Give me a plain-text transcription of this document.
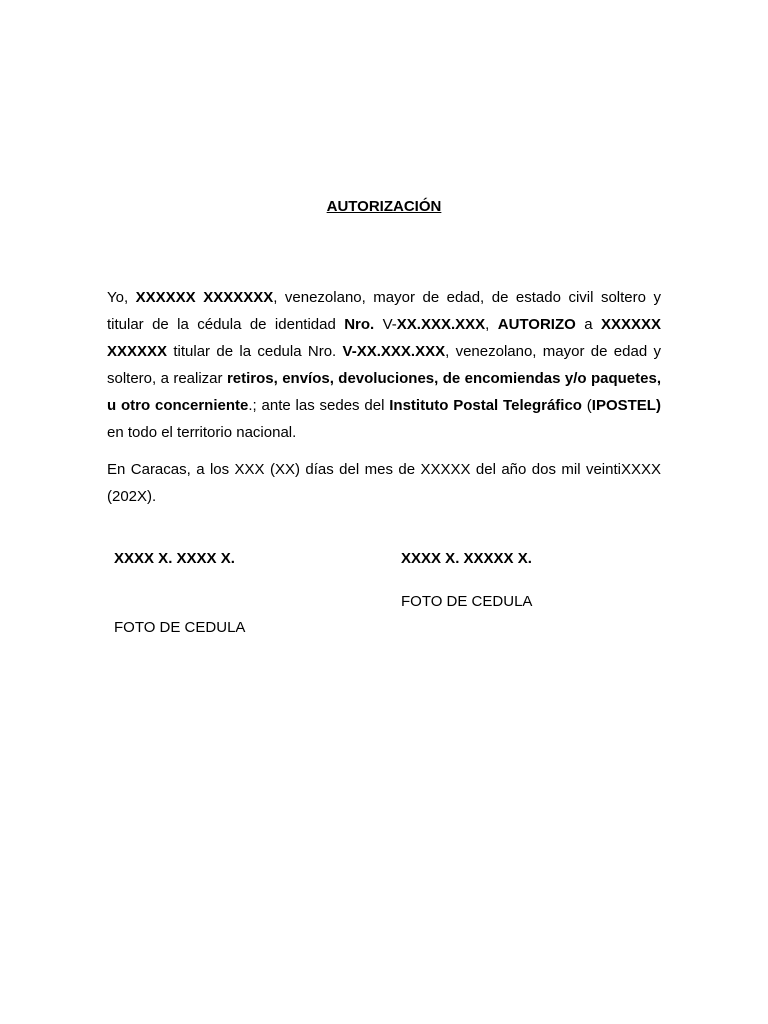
AUTORIZACIÓN

Yo, XXXXXX XXXXXXX, venezolano, mayor de edad, de estado civil soltero y titular de la cédula de identidad Nro. V-XX.XXX.XXX, AUTORIZO a XXXXXX XXXXXX titular de la cedula Nro. V-XX.XXX.XXX, venezolano, mayor de edad y soltero, a realizar retiros, envíos, devoluciones, de encomiendas y/o paquetes, u otro concerniente.; ante las sedes del Instituto Postal Telegráfico (IPOSTEL) en todo el territorio nacional.

En Caracas, a los XXX (XX) días del mes de XXXXX del año dos mil veintiXXXX (202X).

XXXX X. XXXX X.	XXXX X. XXXXX X.
FOTO DE CEDULA
FOTO DE CEDULA
